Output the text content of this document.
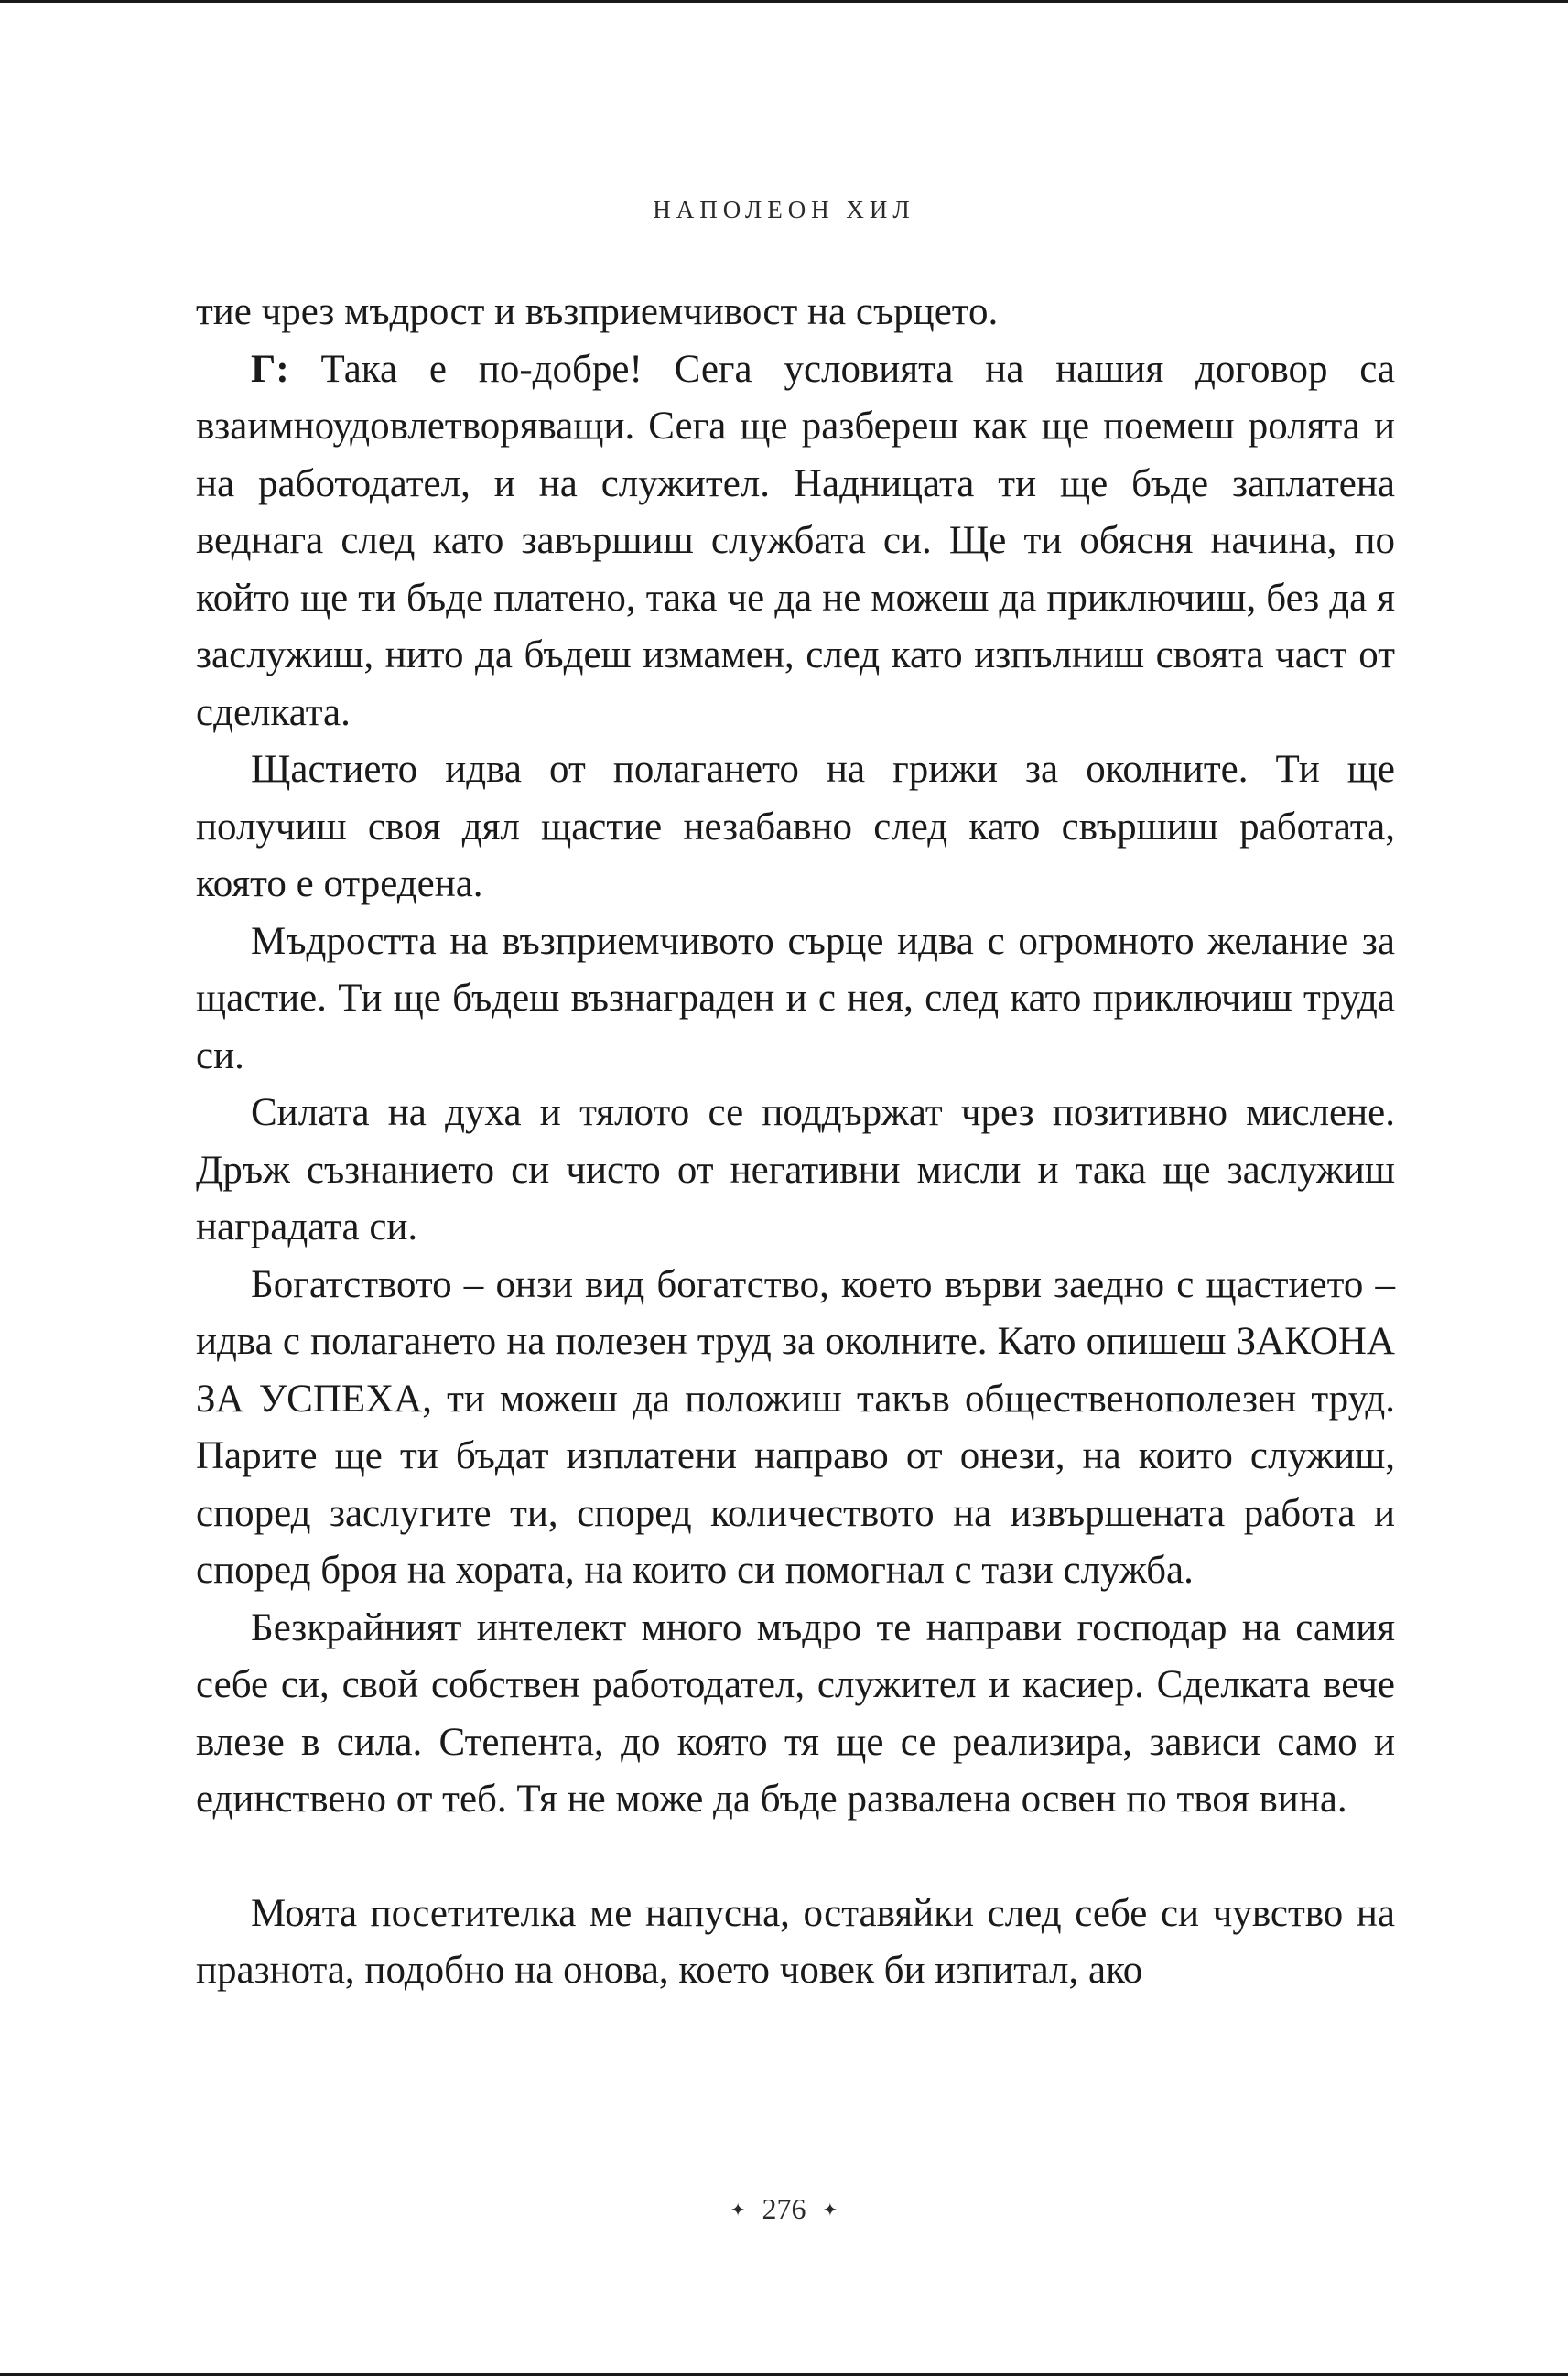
НАПОЛЕОН ХИЛ

тие чрез мъдрост и възприемчивост на сърцето.

Г: Така е по-добре! Сега условията на нашия договор са взаимноудовлетворяващи. Сега ще разбереш как ще поемеш ролята и на работодател, и на служител. Надницата ти ще бъде заплатена веднага след като завършиш службата си. Ще ти обясня начина, по който ще ти бъде платено, така че да не можеш да приключиш, без да я заслужиш, нито да бъдеш измамен, след като изпълниш своята част от сделката.

Щастието идва от полагането на грижи за околните. Ти ще получиш своя дял щастие незабавно след като свършиш работата, която е отредена.

Мъдростта на възприемчивото сърце идва с огромното желание за щастие. Ти ще бъдеш възнаграден и с нея, след като приключиш труда си.

Силата на духа и тялото се поддържат чрез позитивно мислене. Дръж съзнанието си чисто от негативни мисли и така ще заслужиш наградата си.

Богатството – онзи вид богатство, което върви заедно с щастието – идва с полагането на полезен труд за околните. Като опишеш ЗАКОНА ЗА УСПЕХА, ти можеш да положиш такъв общественополезен труд. Парите ще ти бъдат изплатени направо от онези, на които служиш, според заслугите ти, според количеството на извършената работа и според броя на хората, на които си помогнал с тази служба.

Безкрайният интелект много мъдро те направи господар на самия себе си, свой собствен работодател, служител и касиер. Сделката вече влезе в сила. Степента, до която тя ще се реализира, зависи само и единствено от теб. Тя не може да бъде развалена освен по твоя вина.

Моята посетителка ме напусна, оставяйки след себе си чувство на празнота, подобно на онова, което човек би изпитал, ако

✦ 276 ✦
